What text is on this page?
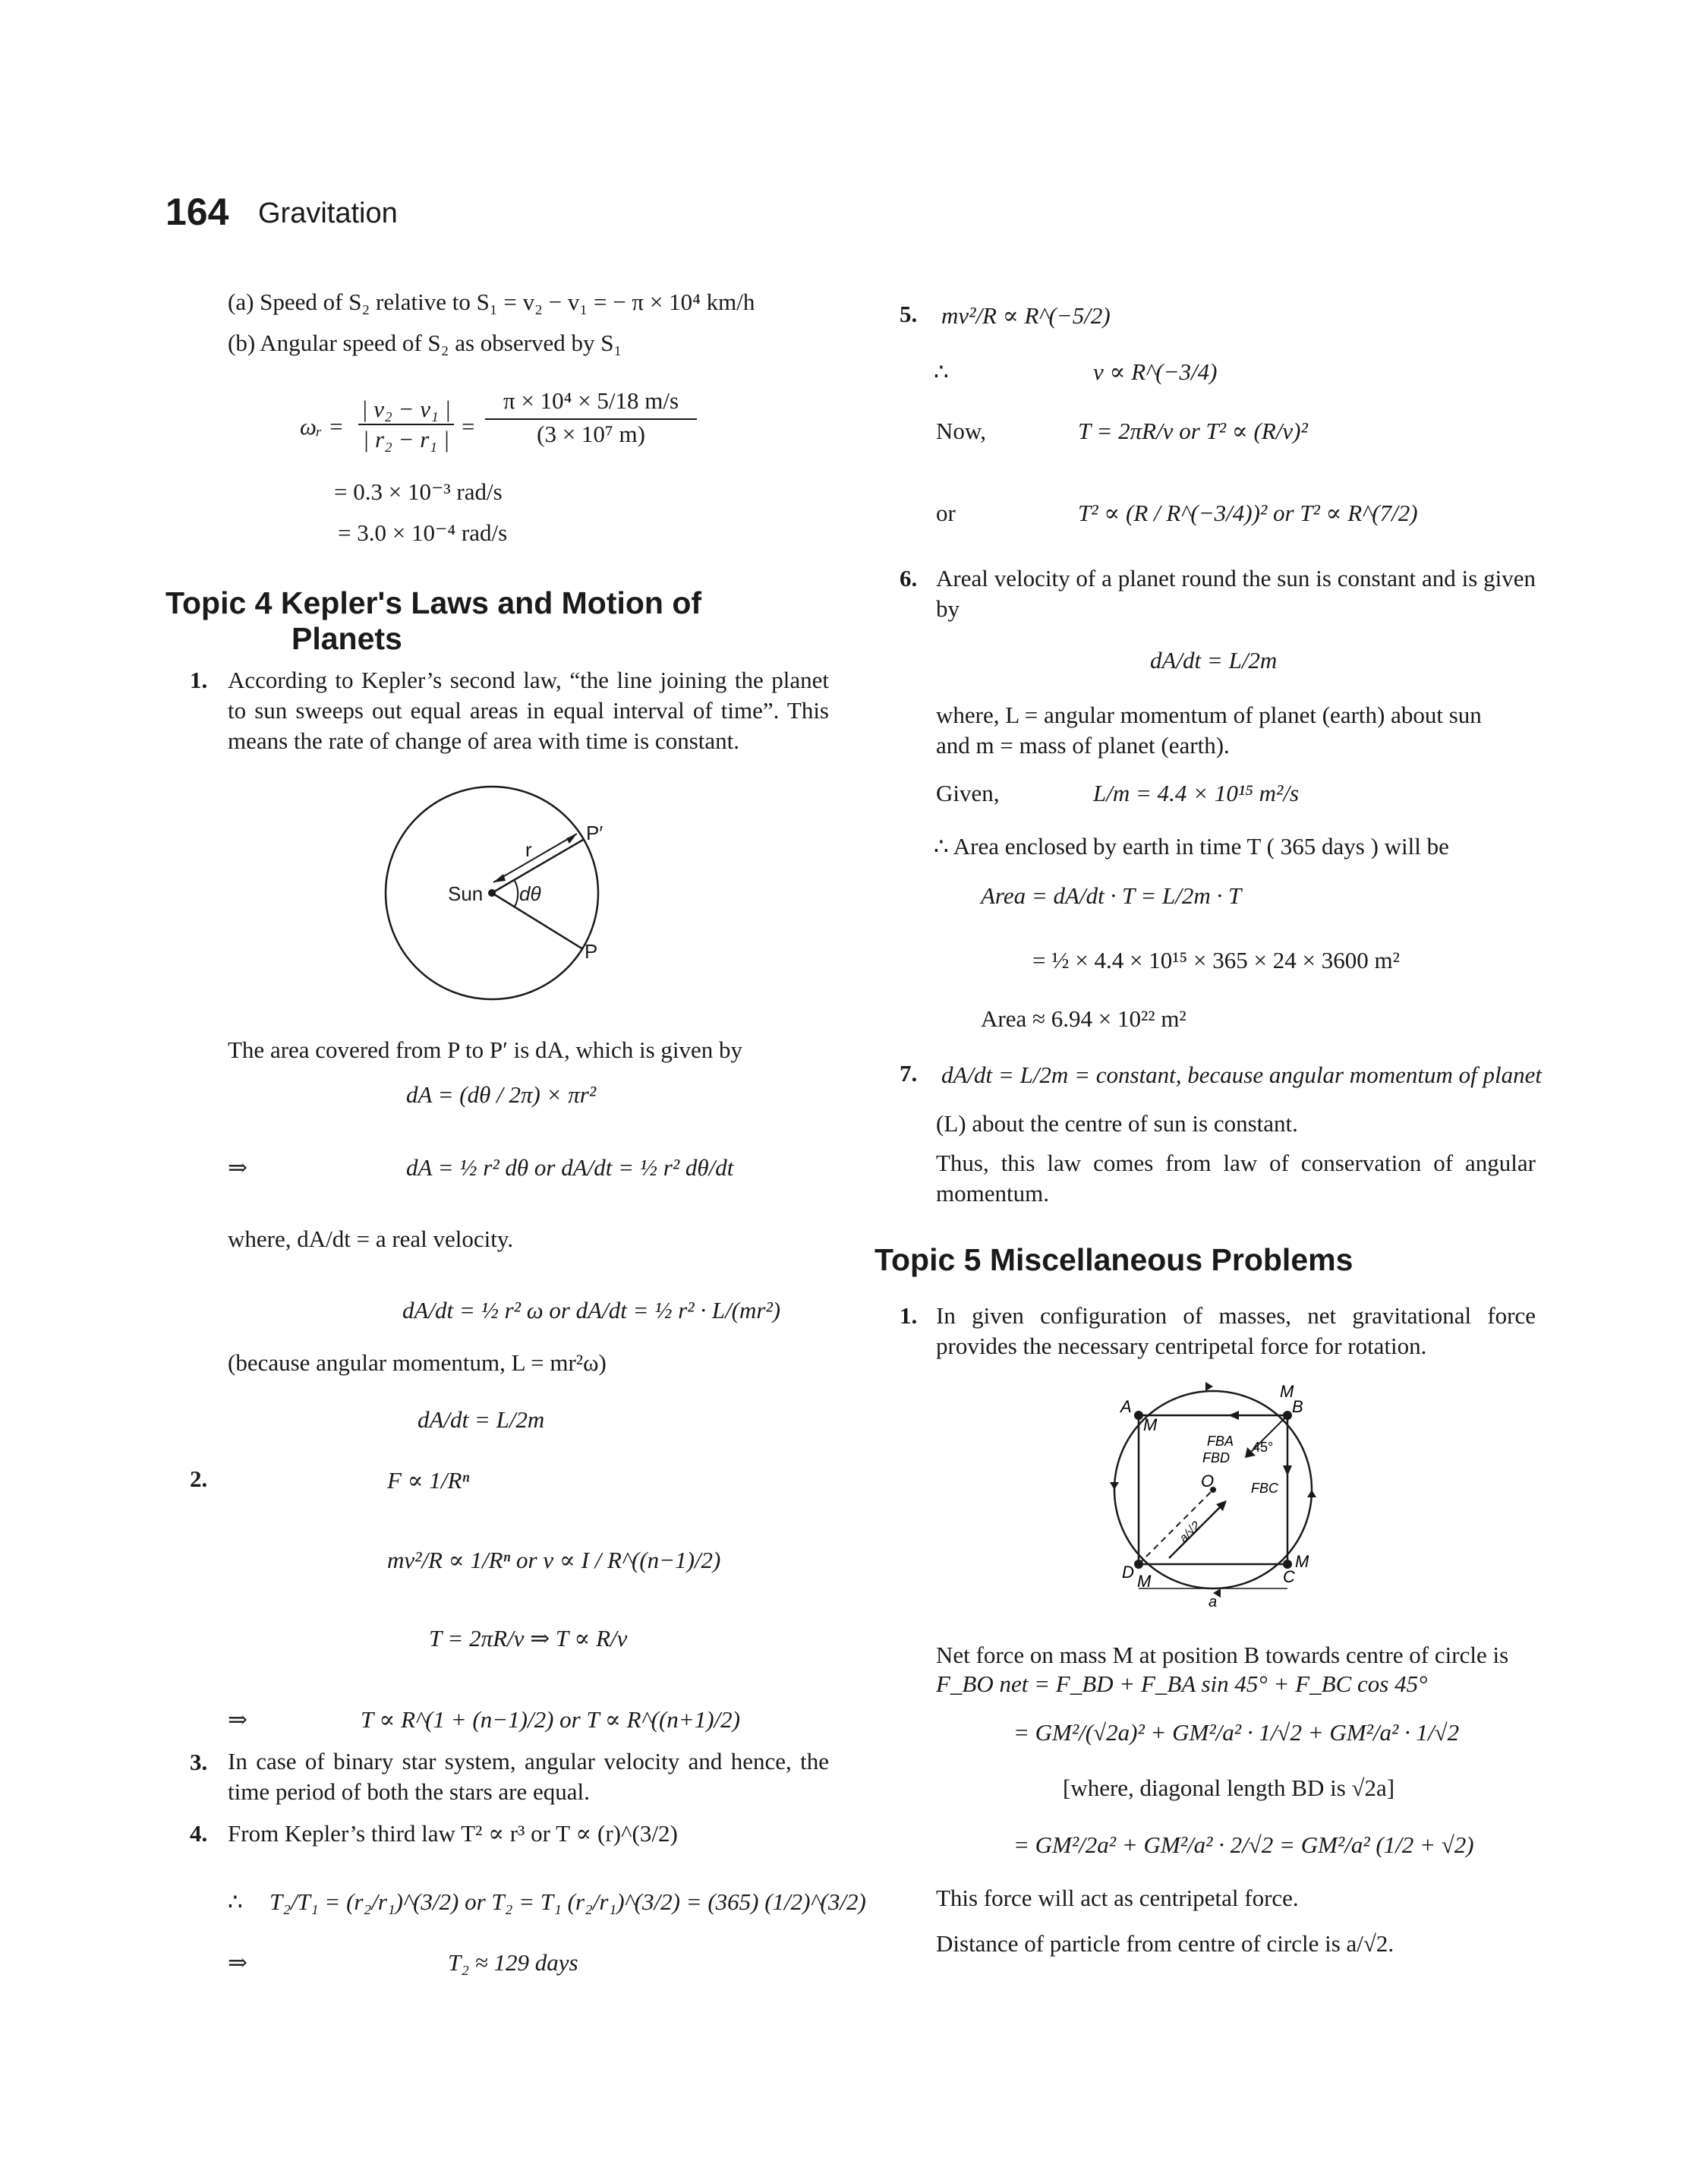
164 Gravitation
(a) Speed of S₂ relative to S₁ = v₂ − v₁ = − π × 10⁴ km/h
(b) Angular speed of S₂ as observed by S₁
ωᵣ = $\frac{\text{| v₂ − v₁ |}}{\text{| r₂ − r₁ |}} = \frac{\text{π × 10⁴ × 5/18 m/s}}{\text{(3 × 10⁷ m)}}$
= 0.3 × 10⁻³ rad/s
= 3.0 × 10⁻⁴ rad/s
Topic 4 Kepler's Laws and Motion of
Planets
1. According to Kepler’s second law, “the line joining the planet to sun sweeps out equal areas in equal interval of time”. This means the rate of change of area with time is constant.
Sun
r
dθ
P′
P
The area covered from P to P′ is dA, which is given by
dA = (dθ / 2π) × πr²
⇒	dA = ½ r² dθ or dA/dt = ½ r² dθ/dt
where, dA/dt = a real velocity.
dA/dt = ½ r² ω or dA/dt = ½ r² · L/(mr²)
(because angular momentum, L = mr²ω)
dA/dt = L/2m
2.	F ∝ 1/Rⁿ
mv²/R ∝ 1/Rⁿ or v ∝ I / R^((n−1)/2)
T = 2πR/v ⇒ T ∝ R/v
⇒	T ∝ R^(1 + (n−1)/2) or T ∝ R^((n+1)/2)
3. In case of binary star system, angular velocity and hence, the time period of both the stars are equal.
4. From Kepler’s third law T² ∝ r³ or T ∝ (r)^(3/2)
∴ T₂/T₁ = (r₂/r₁)^(3/2) or T₂ = T₁ (r₂/r₁)^(3/2) = (365) (1/2)^(3/2)
⇒	T₂ ≈ 129 days
5. mv²/R ∝ R^(−5/2)
∴	v ∝ R^(−3/4)
Now,	T = 2πR/v or T² ∝ (R/v)²
or	T² ∝ (R / R^(−3/4))² or T² ∝ R^(7/2)
6. Areal velocity of a planet round the sun is constant and is given by
dA/dt = L/2m
where, L = angular momentum of planet (earth) about sun
and m = mass of planet (earth).
Given,	L/m = 4.4 × 10¹⁵ m²/s
∴ Area enclosed by earth in time T ( 365 days ) will be
Area = dA/dt · T = L/2m · T
= ½ × 4.4 × 10¹⁵ × 365 × 24 × 3600 m²
Area ≈ 6.94 × 10²² m²
7. dA/dt = L/2m = constant, because angular momentum of planet
(L) about the centre of sun is constant.
Thus, this law comes from law of conservation of angular momentum.
Topic 5 Miscellaneous Problems
1. In given configuration of masses, net gravitational force provides the necessary centripetal force for rotation.
A	B
C
D
O
M
M
M
M
FBA
FBD
FBC
45°
a
a/√2
Net force on mass M at position B towards centre of circle is
F_BO net = F_BD + F_BA sin 45° + F_BC cos 45°
= GM²/(√2a)² + GM²/a² · 1/√2 + GM²/a² · 1/√2
[where, diagonal length BD is √2a]
= GM²/2a² + GM²/a² · 2/√2 = GM²/a² (1/2 + √2)
This force will act as centripetal force.
Distance of particle from centre of circle is a/√2.
